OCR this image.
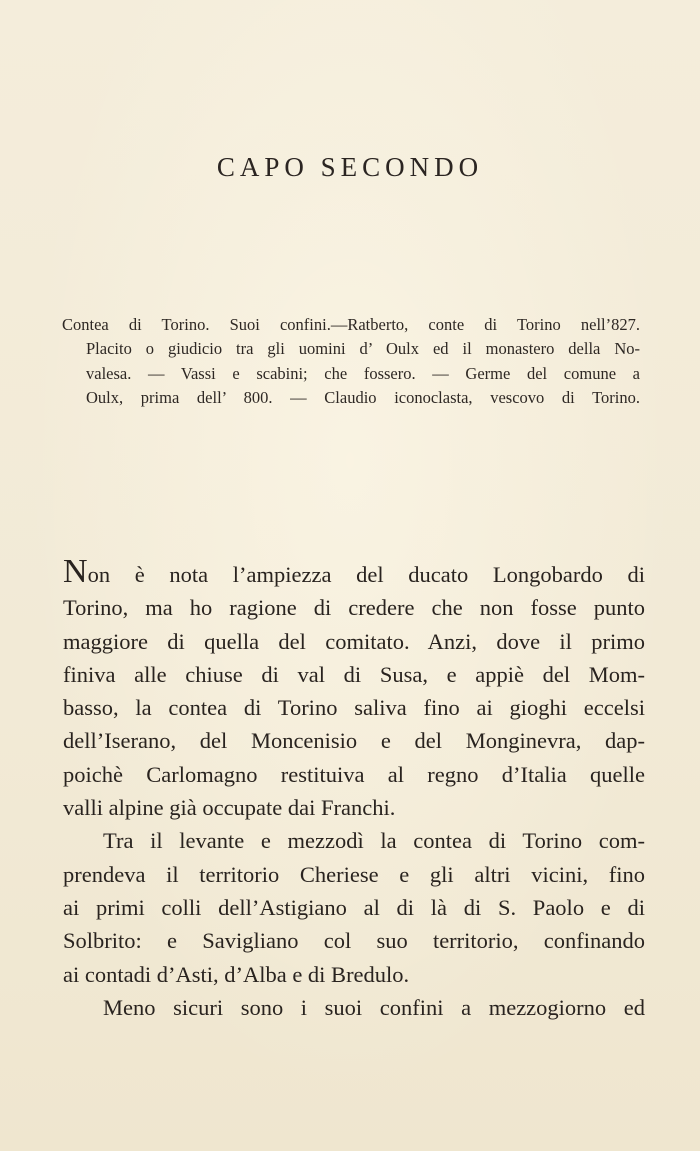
CAPO SECONDO
Contea di Torino. Suoi confini.—Ratberto, conte di Torino nell’827.
Placito o giudicio tra gli uomini d’ Oulx ed il monastero della No-
valesa. — Vassi e scabini; che fossero. — Germe del comune a
Oulx, prima dell’ 800. — Claudio iconoclasta, vescovo di Torino.
Non è nota l’ampiezza del ducato Longobardo di
Torino, ma ho ragione di credere che non fosse punto
maggiore di quella del comitato. Anzi, dove il primo
finiva alle chiuse di val di Susa, e appiè del Mom-
basso, la contea di Torino saliva fino ai gioghi eccelsi
dell’Iserano, del Moncenisio e del Monginevra, dap-
poichè Carlomagno restituiva al regno d’Italia quelle
valli alpine già occupate dai Franchi.
Tra il levante e mezzodì la contea di Torino com-
prendeva il territorio Cheriese e gli altri vicini, fino
ai primi colli dell’Astigiano al di là di S. Paolo e di
Solbrito: e Savigliano col suo territorio, confinando
ai contadi d’Asti, d’Alba e di Bredulo.
Meno sicuri sono i suoi confini a mezzogiorno ed
